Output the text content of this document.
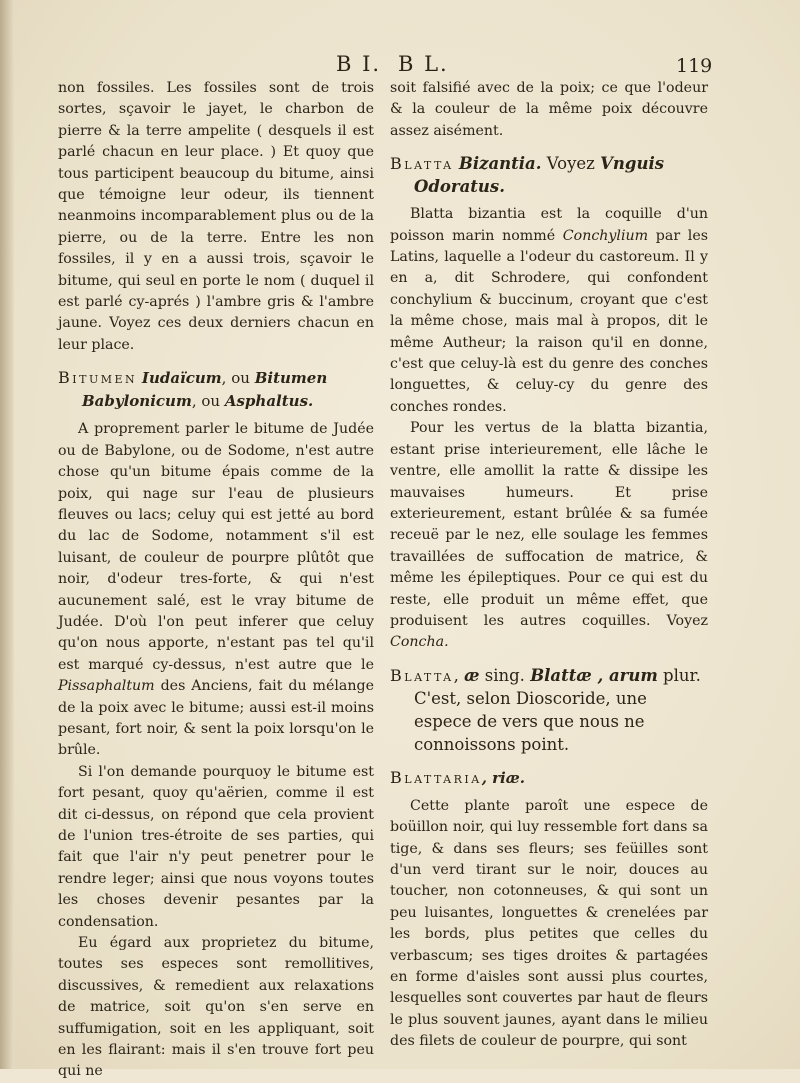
B I. B L.	119

non fossiles. Les fossiles sont de trois sortes, sçavoir le jayet, le charbon de pierre & la terre ampelite ( desquels il est parlé chacun en leur place. ) Et quoy que tous participent beaucoup du bitume, ainsi que témoigne leur odeur, ils tiennent neanmoins incomparablement plus ou de la pierre, ou de la terre. Entre les non fossiles, il y en a aussi trois, sçavoir le bitume, qui seul en porte le nom ( duquel il est parlé cy-aprés ) l'ambre gris & l'ambre jaune. Voyez ces deux derniers chacun en leur place.

Bitumen Iudaïcum, ou Bitumen Babylonicum, ou Asphaltus.

A proprement parler le bitume de Judée ou de Babylone, ou de Sodome, n'est autre chose qu'un bitume épais comme de la poix, qui nage sur l'eau de plusieurs fleuves ou lacs; celuy qui est jetté au bord du lac de Sodome, notamment s'il est luisant, de couleur de pourpre plûtôt que noir, d'odeur tres-forte, & qui n'est aucunement salé, est le vray bitume de Judée. D'où l'on peut inferer que celuy qu'on nous apporte, n'estant pas tel qu'il est marqué cy-dessus, n'est autre que le Pissaphaltum des Anciens, fait du mélange de la poix avec le bitume; aussi est-il moins pesant, fort noir, & sent la poix lorsqu'on le brûle.

Si l'on demande pourquoy le bitume est fort pesant, quoy qu'aërien, comme il est dit ci-dessus, on répond que cela provient de l'union tres-étroite de ses parties, qui fait que l'air n'y peut penetrer pour le rendre leger; ainsi que nous voyons toutes les choses devenir pesantes par la condensation.

Eu égard aux proprietez du bitume, toutes ses especes sont remollitives, discussives, & remedient aux relaxations de matrice, soit qu'on s'en serve en suffumigation, soit en les appliquant, soit en les flairant: mais il s'en trouve fort peu qui ne

soit falsifié avec de la poix; ce que l'odeur & la couleur de la même poix découvre assez aisément.

Blatta Bizantia. Voyez Vnguis Odoratus.

Blatta bizantia est la coquille d'un poisson marin nommé Conchylium par les Latins, laquelle a l'odeur du castoreum. Il y en a, dit Schrodere, qui confondent conchylium & buccinum, croyant que c'est la même chose, mais mal à propos, dit le même Autheur; la raison qu'il en donne, c'est que celuy-là est du genre des conches longuettes, & celuy-cy du genre des conches rondes.

Pour les vertus de la blatta bizantia, estant prise interieurement, elle lâche le ventre, elle amollit la ratte & dissipe les mauvaises humeurs. Et prise exterieurement, estant brûlée & sa fumée receuë par le nez, elle soulage les femmes travaillées de suffocation de matrice, & même les épileptiques. Pour ce qui est du reste, elle produit un même effet, que produisent les autres coquilles. Voyez Concha.

Blatta, æ sing. Blattæ , arum plur. C'est, selon Dioscoride, une espece de vers que nous ne connoissons point.
Blattaria, riæ.

Cette plante paroît une espece de boüillon noir, qui luy ressemble fort dans sa tige, & dans ses fleurs; ses feüilles sont d'un verd tirant sur le noir, douces au toucher, non cotonneuses, & qui sont un peu luisantes, longuettes & crenelées par les bords, plus petites que celles du verbascum; ses tiges droites & partagées en forme d'aisles sont aussi plus courtes, lesquelles sont couvertes par haut de fleurs le plus souvent jaunes, ayant dans le milieu des filets de couleur de pourpre, qui sont
